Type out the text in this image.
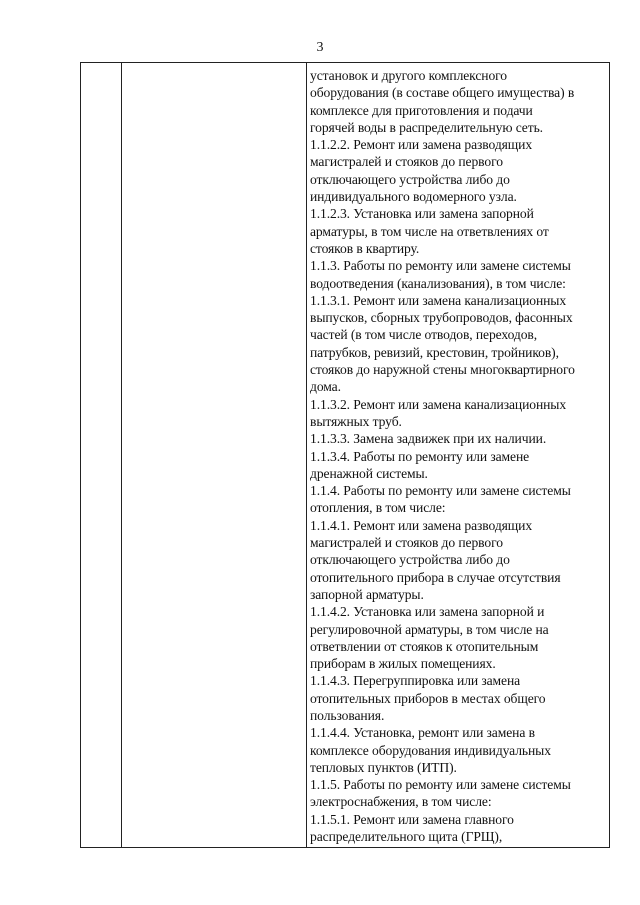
3
установок и другого комплексного
оборудования (в составе общего имущества) в
комплексе для приготовления и подачи
горячей воды в распределительную сеть.
1.1.2.2. Ремонт или замена разводящих
магистралей и стояков до первого
отключающего устройства либо до
индивидуального водомерного узла.
1.1.2.3. Установка или замена запорной
арматуры, в том числе на ответвлениях от
стояков в квартиру.
1.1.3. Работы по ремонту или замене системы
водоотведения (канализования), в том числе:
1.1.3.1. Ремонт или замена канализационных
выпусков, сборных трубопроводов, фасонных
частей (в том числе отводов, переходов,
патрубков, ревизий, крестовин, тройников),
стояков до наружной стены многоквартирного
дома.
1.1.3.2. Ремонт или замена канализационных
вытяжных труб.
1.1.3.3. Замена задвижек при их наличии.
1.1.3.4. Работы по ремонту или замене
дренажной системы.
1.1.4. Работы по ремонту или замене системы
отопления, в том числе:
1.1.4.1. Ремонт или замена разводящих
магистралей и стояков до первого
отключающего устройства либо до
отопительного прибора в случае отсутствия
запорной арматуры.
1.1.4.2. Установка или замена запорной и
регулировочной арматуры, в том числе на
ответвлении от стояков к отопительным
приборам в жилых помещениях.
1.1.4.3. Перегруппировка или замена
отопительных приборов в местах общего
пользования.
1.1.4.4. Установка, ремонт или замена в
комплексе оборудования индивидуальных
тепловых пунктов (ИТП).
1.1.5. Работы по ремонту или замене системы
электроснабжения, в том числе:
1.1.5.1. Ремонт или замена главного
распределительного щита (ГРЩ),
